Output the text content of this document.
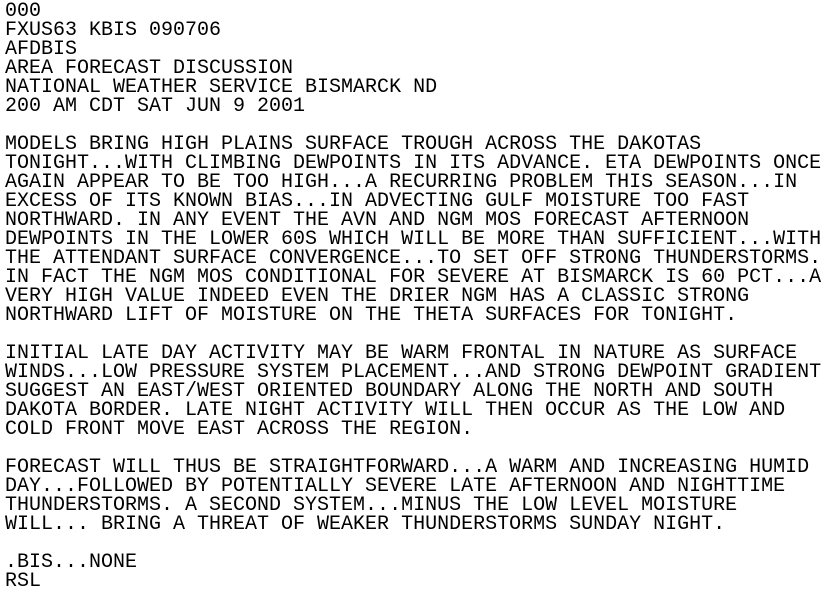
000
FXUS63 KBIS 090706
AFDBIS
AREA FORECAST DISCUSSION
NATIONAL WEATHER SERVICE BISMARCK ND
200 AM CDT SAT JUN 9 2001
MODELS BRING HIGH PLAINS SURFACE TROUGH ACROSS THE DAKOTAS
TONIGHT...WITH CLIMBING DEWPOINTS IN ITS ADVANCE. ETA DEWPOINTS ONCE
AGAIN APPEAR TO BE TOO HIGH...A RECURRING PROBLEM THIS SEASON...IN
EXCESS OF ITS KNOWN BIAS...IN ADVECTING GULF MOISTURE TOO FAST
NORTHWARD. IN ANY EVENT THE AVN AND NGM MOS FORECAST AFTERNOON
DEWPOINTS IN THE LOWER 60S WHICH WILL BE MORE THAN SUFFICIENT...WITH
THE ATTENDANT SURFACE CONVERGENCE...TO SET OFF STRONG THUNDERSTORMS.
IN FACT THE NGM MOS CONDITIONAL FOR SEVERE AT BISMARCK IS 60 PCT...A
VERY HIGH VALUE INDEED EVEN THE DRIER NGM HAS A CLASSIC STRONG
NORTHWARD LIFT OF MOISTURE ON THE THETA SURFACES FOR TONIGHT.
INITIAL LATE DAY ACTIVITY MAY BE WARM FRONTAL IN NATURE AS SURFACE
WINDS...LOW PRESSURE SYSTEM PLACEMENT...AND STRONG DEWPOINT GRADIENT
SUGGEST AN EAST/WEST ORIENTED BOUNDARY ALONG THE NORTH AND SOUTH
DAKOTA BORDER. LATE NIGHT ACTIVITY WILL THEN OCCUR AS THE LOW AND
COLD FRONT MOVE EAST ACROSS THE REGION.
FORECAST WILL THUS BE STRAIGHTFORWARD...A WARM AND INCREASING HUMID
DAY...FOLLOWED BY POTENTIALLY SEVERE LATE AFTERNOON AND NIGHTTIME
THUNDERSTORMS. A SECOND SYSTEM...MINUS THE LOW LEVEL MOISTURE
WILL... BRING A THREAT OF WEAKER THUNDERSTORMS SUNDAY NIGHT.
.BIS...NONE
RSL
